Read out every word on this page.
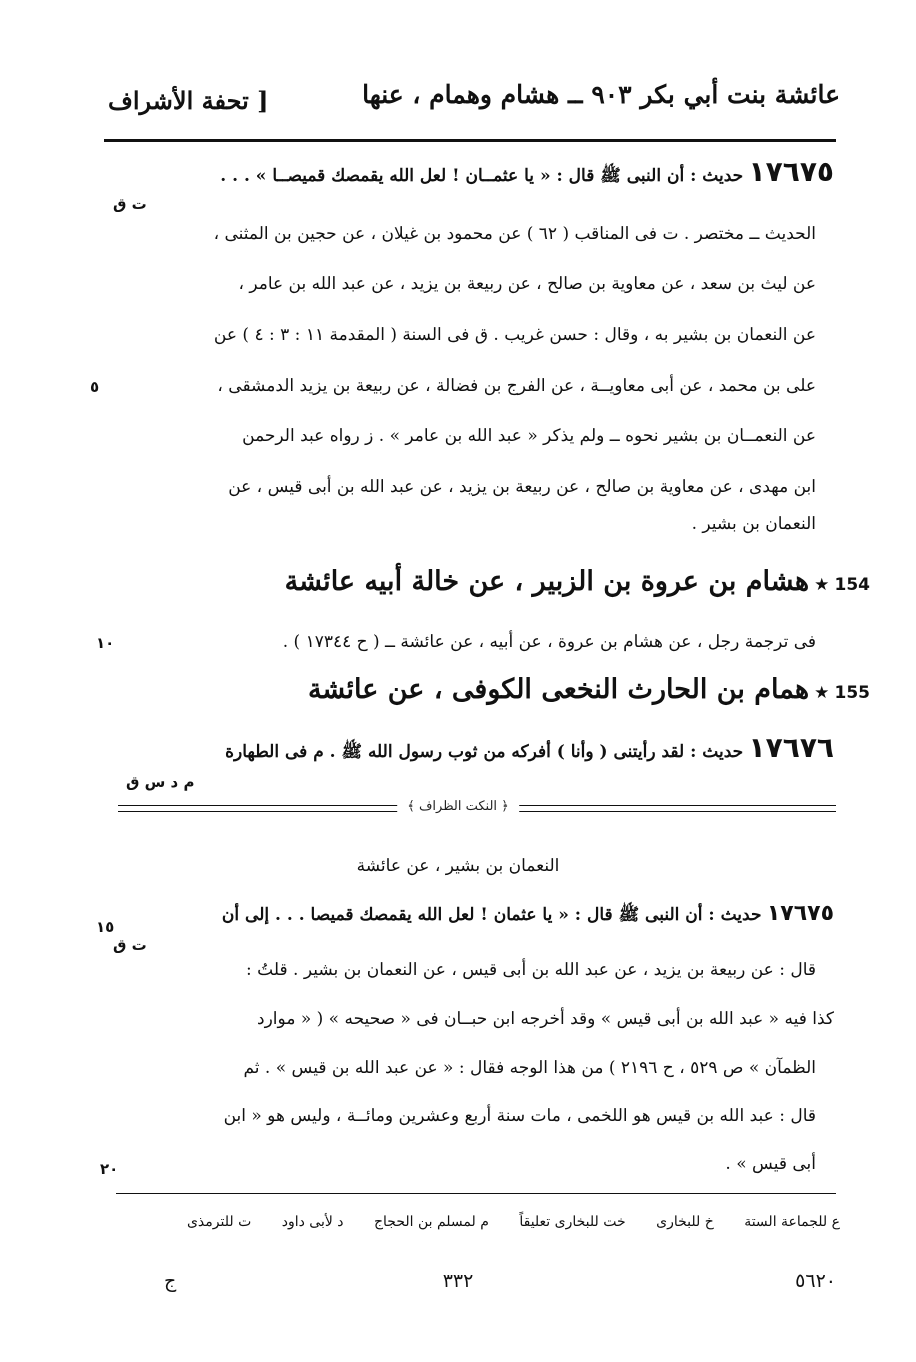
عائشة بنت أبي بكر ٩٠٣ ــ هشام وهمام ، عنها
[ تحفة الأشراف
١٧٦٧٥ حديث : أن النبى ﷺ قال : « يا عثمــان ! لعل الله يقمصك قميصــا » . . .
ت ق
الحديث ــ مختصر . ت فى المناقب ( ٦٢ ) عن محمود بن غيلان ، عن حجين بن المثنى ،
عن ليث بن سعد ، عن معاوية بن صالح ، عن ربيعة بن يزيد ، عن عبد الله بن عامر ،
عن النعمان بن بشير به ، وقال : حسن غريب . ق فى السنة ( المقدمة ١١ : ٣ : ٤ ) عن
على بن محمد ، عن أبى معاويــة ، عن الفرج بن فضالة ، عن ربيعة بن يزيد الدمشقى ،
٥
عن النعمــان بن بشير نحوه ــ ولم يذكر « عبد الله بن عامر » . ز رواه عبد الرحمن
ابن مهدى ، عن معاوية بن صالح ، عن ربيعة بن يزيد ، عن عبد الله بن أبى قيس ، عن
النعمان بن بشير .
154 ★ هشام بن عروة بن الزبير ، عن خالة أبيه عائشة
فى ترجمة رجل ، عن هشام بن عروة ، عن أبيه ، عن عائشة ــ ( ح ١٧٣٤٤ ) .
١٠
155 ★ همام بن الحارث النخعى الكوفى ، عن عائشة
١٧٦٧٦ حديث : لقد رأيتنى ( وأنا ) أفركه من ثوب رسول الله ﷺ . م فى الطهارة
م د س ق
﴿ النكت الظراف ﴾
النعمان بن بشير ، عن عائشة
١٧٦٧٥ حديث : أن النبى ﷺ قال : « يا عثمان ! لعل الله يقمصك قميصا . . . إلى أن
١٥
ت ق
قال : عن ربيعة بن يزيد ، عن عبد الله بن أبى قيس ، عن النعمان بن بشير . قلتُ :
كذا فيه « عبد الله بن أبى قيس » وقد أخرجه ابن حبــان فى « صحيحه » ( « موارد
الظمآن » ص ٥٢٩ ، ح ٢١٩٦ ) من هذا الوجه فقال : « عن عبد الله بن قيس » . ثم
قال : عبد الله بن قيس هو اللخمى ، مات سنة أربع وعشرين ومائــة ، وليس هو « ابن
أبى قيس » .
٢٠
ع للجماعة الستة خ للبخارى خت للبخارى تعليقاً م لمسلم بن الحجاج د لأبى داود ت للترمذى
ج	٣٣٢	٥٦٢٠
